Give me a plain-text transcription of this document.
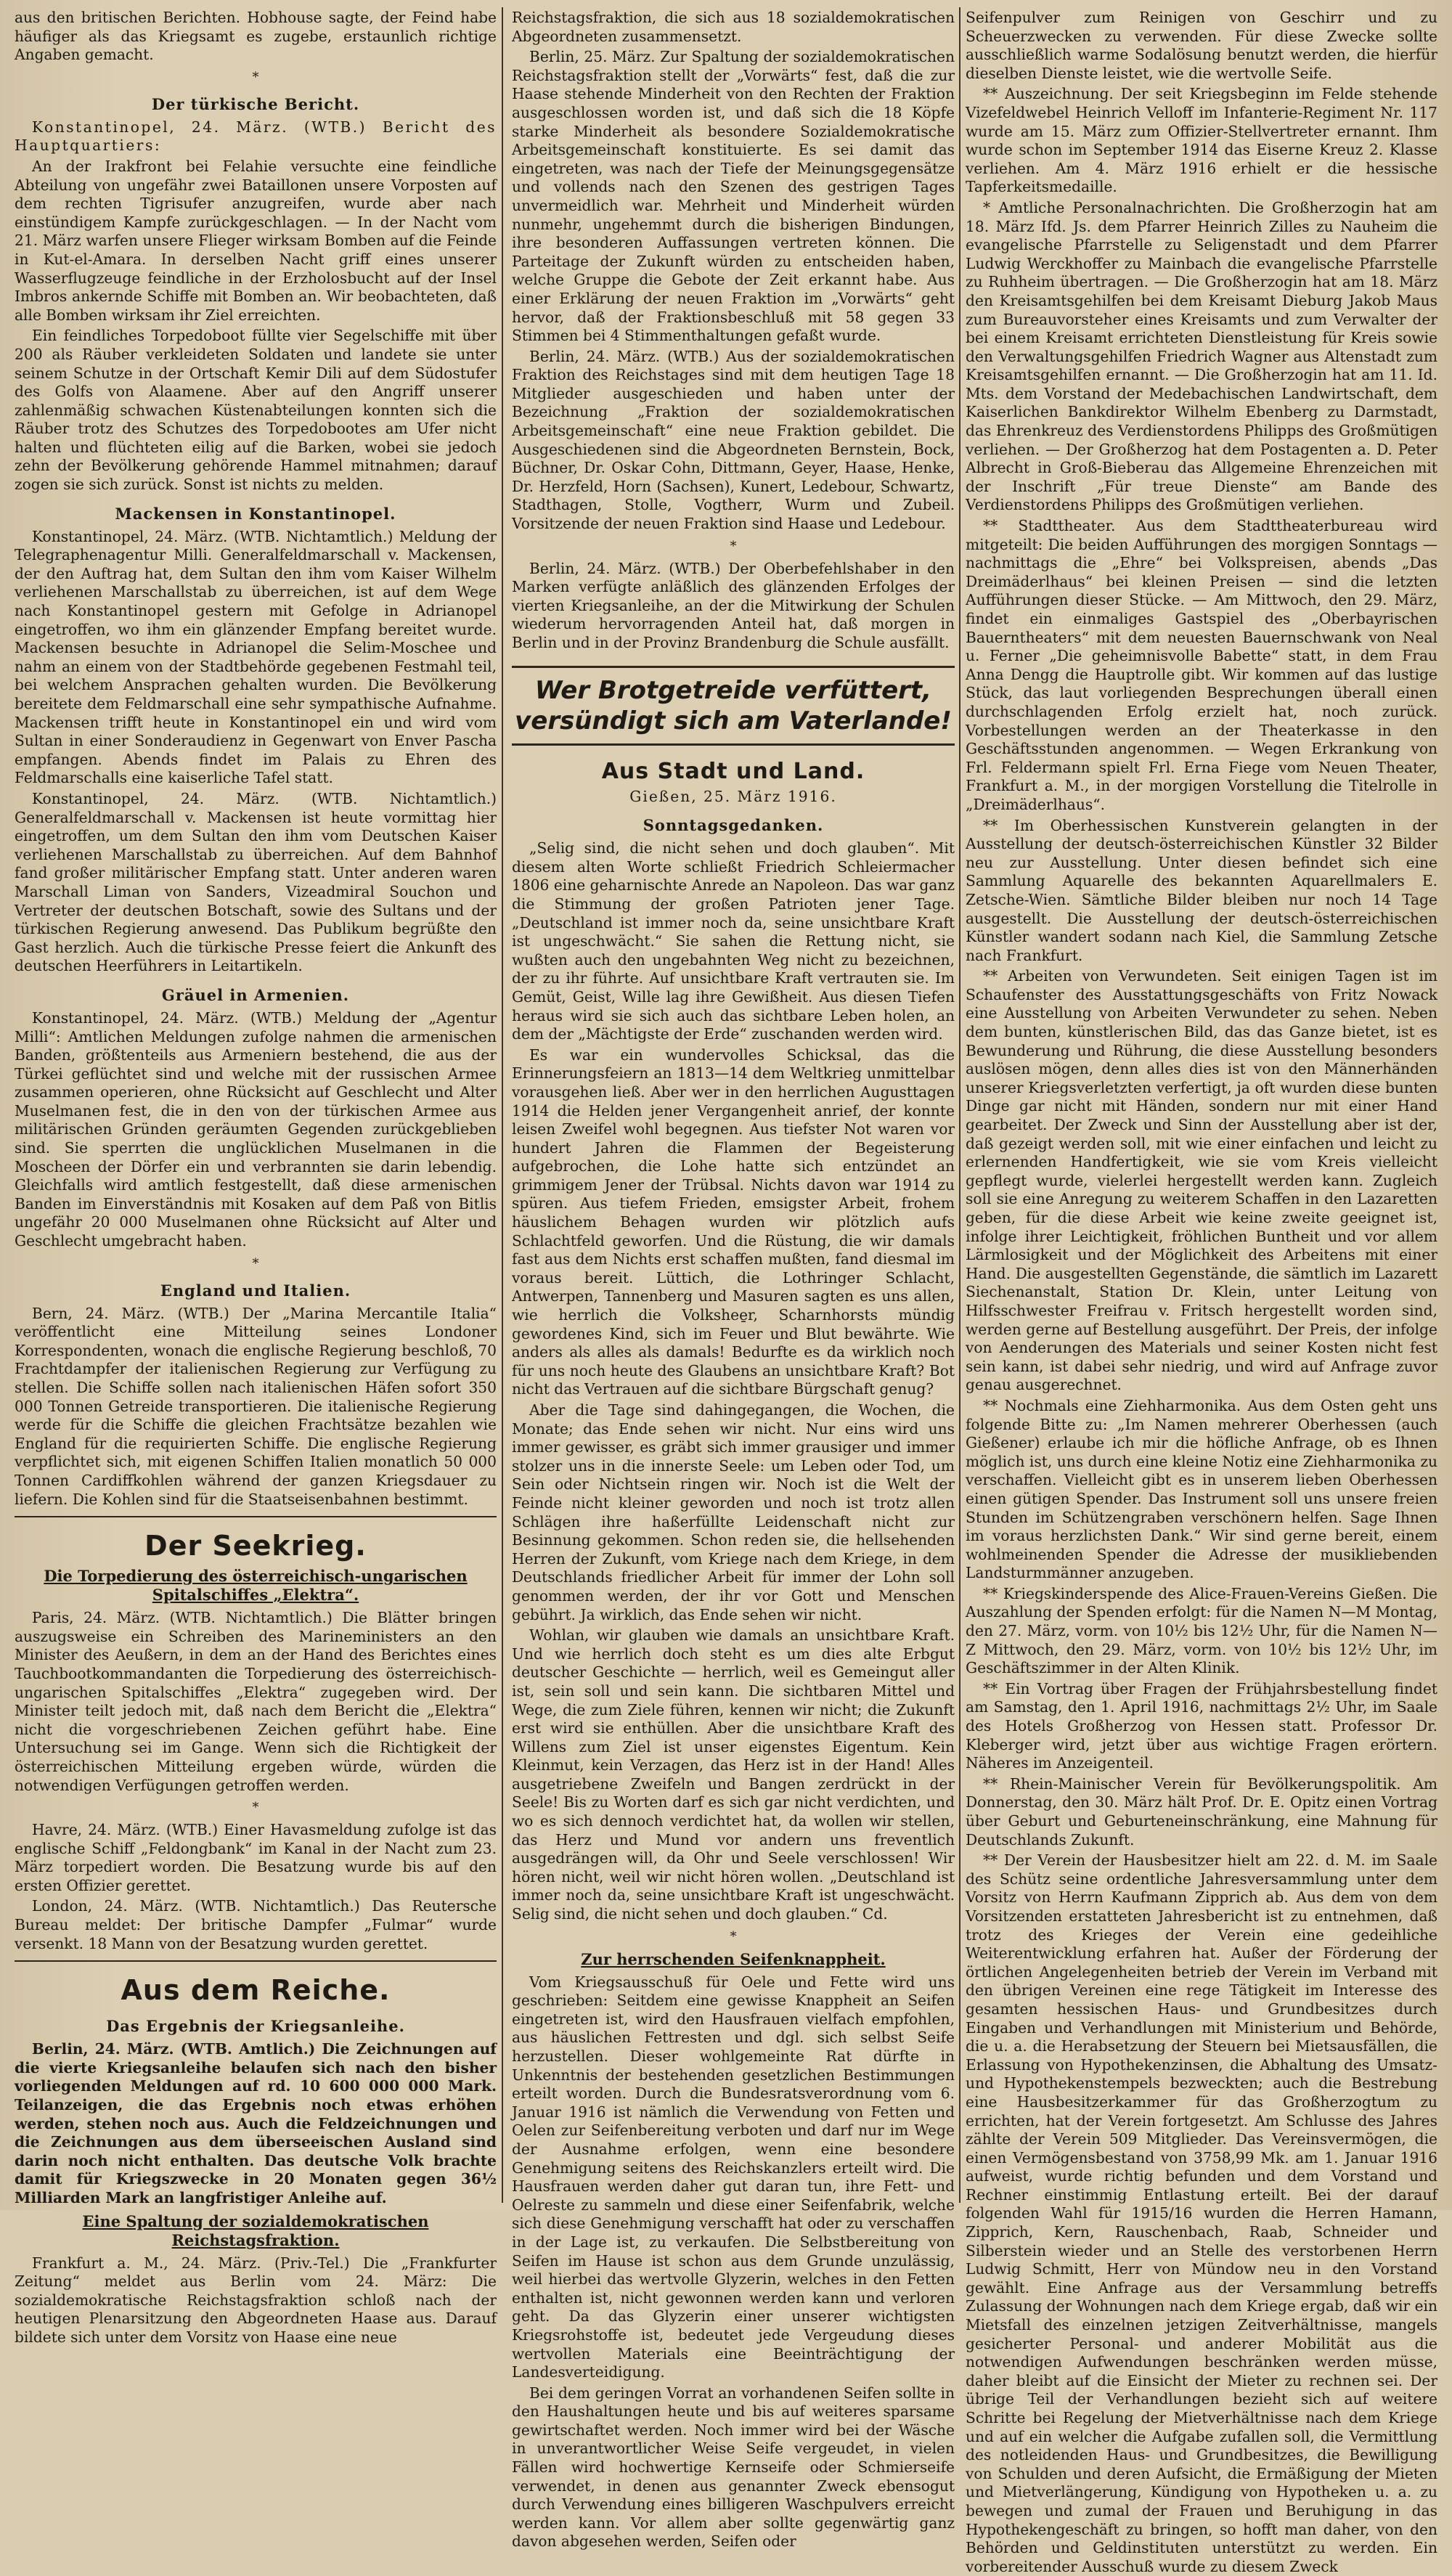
aus den britischen Berichten. Hobhouse sagte, der Feind habe häufiger als das Kriegsamt es zugebe, erstaunlich richtige Angaben gemacht.

*
Der türkische Bericht.

Konstantinopel, 24. März. (WTB.) Bericht des Hauptquartiers:

An der Irakfront bei Felahie versuchte eine feindliche Abteilung von ungefähr zwei Bataillonen unsere Vorposten auf dem rechten Tigrisufer anzugreifen, wurde aber nach einstündigem Kampfe zurückgeschlagen. — In der Nacht vom 21. März warfen unsere Flieger wirksam Bomben auf die Feinde in Kut-el-Amara. In derselben Nacht griff eines unserer Wasserflugzeuge feindliche in der Erzholosbucht auf der Insel Imbros ankernde Schiffe mit Bomben an. Wir beobachteten, daß alle Bomben wirksam ihr Ziel erreichten.

Ein feindliches Torpedoboot füllte vier Segelschiffe mit über 200 als Räuber verkleideten Soldaten und landete sie unter seinem Schutze in der Ortschaft Kemir Dili auf dem Südostufer des Golfs von Alaamene. Aber auf den Angriff unserer zahlenmäßig schwachen Küstenabteilungen konnten sich die Räuber trotz des Schutzes des Torpedobootes am Ufer nicht halten und flüchteten eilig auf die Barken, wobei sie jedoch zehn der Bevölkerung gehörende Hammel mitnahmen; darauf zogen sie sich zurück. Sonst ist nichts zu melden.

Mackensen in Konstantinopel.

Konstantinopel, 24. März. (WTB. Nichtamtlich.) Meldung der Telegraphenagentur Milli. Generalfeldmarschall v. Mackensen, der den Auftrag hat, dem Sultan den ihm vom Kaiser Wilhelm verliehenen Marschallstab zu überreichen, ist auf dem Wege nach Konstantinopel gestern mit Gefolge in Adrianopel eingetroffen, wo ihm ein glänzender Empfang bereitet wurde. Mackensen besuchte in Adrianopel die Selim-Moschee und nahm an einem von der Stadtbehörde gegebenen Festmahl teil, bei welchem Ansprachen gehalten wurden. Die Bevölkerung bereitete dem Feldmarschall eine sehr sympathische Aufnahme. Mackensen trifft heute in Konstantinopel ein und wird vom Sultan in einer Sonderaudienz in Gegenwart von Enver Pascha empfangen. Abends findet im Palais zu Ehren des Feldmarschalls eine kaiserliche Tafel statt.

Konstantinopel, 24. März. (WTB. Nichtamtlich.) Generalfeldmarschall v. Mackensen ist heute vormittag hier eingetroffen, um dem Sultan den ihm vom Deutschen Kaiser verliehenen Marschallstab zu überreichen. Auf dem Bahnhof fand großer militärischer Empfang statt. Unter anderen waren Marschall Liman von Sanders, Vizeadmiral Souchon und Vertreter der deutschen Botschaft, sowie des Sultans und der türkischen Regierung anwesend. Das Publikum begrüßte den Gast herzlich. Auch die türkische Presse feiert die Ankunft des deutschen Heerführers in Leitartikeln.

Gräuel in Armenien.

Konstantinopel, 24. März. (WTB.) Meldung der „Agentur Milli“: Amtlichen Meldungen zufolge nahmen die armenischen Banden, größtenteils aus Armeniern bestehend, die aus der Türkei geflüchtet sind und welche mit der russischen Armee zusammen operieren, ohne Rücksicht auf Geschlecht und Alter Muselmanen fest, die in den von der türkischen Armee aus militärischen Gründen geräumten Gegenden zurückgeblieben sind. Sie sperrten die unglücklichen Muselmanen in die Moscheen der Dörfer ein und verbrannten sie darin lebendig. Gleichfalls wird amtlich festgestellt, daß diese armenischen Banden im Einverständnis mit Kosaken auf dem Paß von Bitlis ungefähr 20 000 Muselmanen ohne Rücksicht auf Alter und Geschlecht umgebracht haben.

*
England und Italien.

Bern, 24. März. (WTB.) Der „Marina Mercantile Italia“ veröffentlicht eine Mitteilung seines Londoner Korrespondenten, wonach die englische Regierung beschloß, 70 Frachtdampfer der italienischen Regierung zur Verfügung zu stellen. Die Schiffe sollen nach italienischen Häfen sofort 350 000 Tonnen Getreide transportieren. Die italienische Regierung werde für die Schiffe die gleichen Frachtsätze bezahlen wie England für die requirierten Schiffe. Die englische Regierung verpflichtet sich, mit eigenen Schiffen Italien monatlich 50 000 Tonnen Cardiffkohlen während der ganzen Kriegsdauer zu liefern. Die Kohlen sind für die Staatseisenbahnen bestimmt.

Der Seekrieg.
Die Torpedierung des österreichisch-ungarischen Spitalschiffes „Elektra“.

Paris, 24. März. (WTB. Nichtamtlich.) Die Blätter bringen auszugsweise ein Schreiben des Marineministers an den Minister des Aeußern, in dem an der Hand des Berichtes eines Tauchbootkommandanten die Torpedierung des österreichisch-ungarischen Spitalschiffes „Elektra“ zugegeben wird. Der Minister teilt jedoch mit, daß nach dem Bericht die „Elektra“ nicht die vorgeschriebenen Zeichen geführt habe. Eine Untersuchung sei im Gange. Wenn sich die Richtigkeit der österreichischen Mitteilung ergeben würde, würden die notwendigen Verfügungen getroffen werden.

*

Havre, 24. März. (WTB.) Einer Havasmeldung zufolge ist das englische Schiff „Feldongbank“ im Kanal in der Nacht zum 23. März torpediert worden. Die Besatzung wurde bis auf den ersten Offizier gerettet.

London, 24. März. (WTB. Nichtamtlich.) Das Reutersche Bureau meldet: Der britische Dampfer „Fulmar“ wurde versenkt. 18 Mann von der Besatzung wurden gerettet.

Aus dem Reiche.
Das Ergebnis der Kriegsanleihe.

Berlin, 24. März. (WTB. Amtlich.) Die Zeichnungen auf die vierte Kriegsanleihe belaufen sich nach den bisher vorliegenden Meldungen auf rd. 10 600 000 000 Mark. Teilanzeigen, die das Ergebnis noch etwas erhöhen werden, stehen noch aus. Auch die Feldzeichnungen und die Zeichnungen aus dem überseeischen Ausland sind darin noch nicht enthalten. Das deutsche Volk brachte damit für Kriegszwecke in 20 Monaten gegen 36½ Milliarden Mark an langfristiger Anleihe auf.

Eine Spaltung der sozialdemokratischen Reichstagsfraktion.

Frankfurt a. M., 24. März. (Priv.-Tel.) Die „Frankfurter Zeitung“ meldet aus Berlin vom 24. März: Die sozialdemokratische Reichstagsfraktion schloß nach der heutigen Plenarsitzung den Abgeordneten Haase aus. Darauf bildete sich unter dem Vorsitz von Haase eine neue

Reichstagsfraktion, die sich aus 18 sozialdemokratischen Abgeordneten zusammensetzt.

Berlin, 25. März. Zur Spaltung der sozialdemokratischen Reichstagsfraktion stellt der „Vorwärts“ fest, daß die zur Haase stehende Minderheit von den Rechten der Fraktion ausgeschlossen worden ist, und daß sich die 18 Köpfe starke Minderheit als besondere Sozialdemokratische Arbeitsgemeinschaft konstituierte. Es sei damit das eingetreten, was nach der Tiefe der Meinungsgegensätze und vollends nach den Szenen des gestrigen Tages unvermeidlich war. Mehrheit und Minderheit würden nunmehr, ungehemmt durch die bisherigen Bindungen, ihre besonderen Auffassungen vertreten können. Die Parteitage der Zukunft würden zu entscheiden haben, welche Gruppe die Gebote der Zeit erkannt habe. Aus einer Erklärung der neuen Fraktion im „Vorwärts“ geht hervor, daß der Fraktionsbeschluß mit 58 gegen 33 Stimmen bei 4 Stimmenthaltungen gefaßt wurde.

Berlin, 24. März. (WTB.) Aus der sozialdemokratischen Fraktion des Reichstages sind mit dem heutigen Tage 18 Mitglieder ausgeschieden und haben unter der Bezeichnung „Fraktion der sozialdemokratischen Arbeitsgemeinschaft“ eine neue Fraktion gebildet. Die Ausgeschiedenen sind die Abgeordneten Bernstein, Bock, Büchner, Dr. Oskar Cohn, Dittmann, Geyer, Haase, Henke, Dr. Herzfeld, Horn (Sachsen), Kunert, Ledebour, Schwartz, Stadthagen, Stolle, Vogtherr, Wurm und Zubeil. Vorsitzende der neuen Fraktion sind Haase und Ledebour.

*

Berlin, 24. März. (WTB.) Der Oberbefehlshaber in den Marken verfügte anläßlich des glänzenden Erfolges der vierten Kriegsanleihe, an der die Mitwirkung der Schulen wiederum hervorragenden Anteil hat, daß morgen in Berlin und in der Provinz Brandenburg die Schule ausfällt.

Wer Brotgetreide verfüttert, versündigt sich am Vaterlande!
Aus Stadt und Land.
Gießen, 25. März 1916.
Sonntagsgedanken.

„Selig sind, die nicht sehen und doch glauben“. Mit diesem alten Worte schließt Friedrich Schleiermacher 1806 eine geharnischte Anrede an Napoleon. Das war ganz die Stimmung der großen Patrioten jener Tage. „Deutschland ist immer noch da, seine unsichtbare Kraft ist ungeschwächt.“ Sie sahen die Rettung nicht, sie wußten auch den ungebahnten Weg nicht zu bezeichnen, der zu ihr führte. Auf unsichtbare Kraft vertrauten sie. Im Gemüt, Geist, Wille lag ihre Gewißheit. Aus diesen Tiefen heraus wird sie sich auch das sichtbare Leben holen, an dem der „Mächtigste der Erde“ zuschanden werden wird.

Es war ein wundervolles Schicksal, das die Erinnerungsfeiern an 1813—14 dem Weltkrieg unmittelbar vorausgehen ließ. Aber wer in den herrlichen Augusttagen 1914 die Helden jener Vergangenheit anrief, der konnte leisen Zweifel wohl begegnen. Aus tiefster Not waren vor hundert Jahren die Flammen der Begeisterung aufgebrochen, die Lohe hatte sich entzündet an grimmigem Jener der Trübsal. Nichts davon war 1914 zu spüren. Aus tiefem Frieden, emsigster Arbeit, frohem häuslichem Behagen wurden wir plötzlich aufs Schlachtfeld geworfen. Und die Rüstung, die wir damals fast aus dem Nichts erst schaffen mußten, fand diesmal im voraus bereit. Lüttich, die Lothringer Schlacht, Antwerpen, Tannenberg und Masuren sagten es uns allen, wie herrlich die Volkshee̱r, Scharnhorsts mündig gewordenes Kind, sich im Feuer und Blut bewährte. Wie anders als alles als damals! Bedurfte es da wirklich noch für uns noch heute des Glaubens an unsichtbare Kraft? Bot nicht das Vertrauen auf die sichtbare Bürgschaft genug?

Aber die Tage sind dahingegangen, die Wochen, die Monate; das Ende sehen wir nicht. Nur eins wird uns immer gewisser, es gräbt sich immer grausiger und immer stolzer uns in die innerste Seele: um Leben oder Tod, um Sein oder Nichtsein ringen wir. Noch ist die Welt der Feinde nicht kleiner geworden und noch ist trotz allen Schlägen ihre haßerfüllte Leidenschaft nicht zur Besinnung gekommen. Schon reden sie, die hellsehenden Herren der Zukunft, vom Kriege nach dem Kriege, in dem Deutschlands friedlicher Arbeit für immer der Lohn soll genommen werden, der ihr vor Gott und Menschen gebührt. Ja wirklich, das Ende sehen wir nicht.

Wohlan, wir glauben wie damals an unsichtbare Kraft. Und wie herrlich doch steht es um dies alte Erbgut deutscher Geschichte — herrlich, weil es Gemeingut aller ist, sein soll und sein kann. Die sichtbaren Mittel und Wege, die zum Ziele führen, kennen wir nicht; die Zukunft erst wird sie enthüllen. Aber die unsichtbare Kraft des Willens zum Ziel ist unser eigenstes Eigentum. Kein Kleinmut, kein Verzagen, das Herz ist in der Hand! Alles ausgetriebene Zweifeln und Bangen zerdrückt in der Seele! Bis zu Worten darf es sich gar nicht verdichten, und wo es sich dennoch verdichtet hat, da wollen wir stellen, das Herz und Mund vor andern uns freventlich ausgedrängen will, da Ohr und Seele verschlossen! Wir hören nicht, weil wir nicht hören wollen. „Deutschland ist immer noch da, seine unsichtbare Kraft ist ungeschwächt. Selig sind, die nicht sehen und doch glauben.“ Cd.

*
Zur herrschenden Seifenknappheit.

Vom Kriegsausschuß für Oele und Fette wird uns geschrieben: Seitdem eine gewisse Knappheit an Seifen eingetreten ist, wird den Hausfrauen vielfach empfohlen, aus häuslichen Fettresten und dgl. sich selbst Seife herzustellen. Dieser wohlgemeinte Rat dürfte in Unkenntnis der bestehenden gesetzlichen Bestimmungen erteilt worden. Durch die Bundesratsverordnung vom 6. Januar 1916 ist nämlich die Verwendung von Fetten und Oelen zur Seifenbereitung verboten und darf nur im Wege der Ausnahme erfolgen, wenn eine besondere Genehmigung seitens des Reichskanzlers erteilt wird. Die Hausfrauen werden daher gut daran tun, ihre Fett- und Oelreste zu sammeln und diese einer Seifenfabrik, welche sich diese Genehmigung verschafft hat oder zu verschaffen in der Lage ist, zu verkaufen. Die Selbstbereitung von Seifen im Hause ist schon aus dem Grunde unzulässig, weil hierbei das wertvolle Glyzerin, welches in den Fetten enthalten ist, nicht gewonnen werden kann und verloren geht. Da das Glyzerin einer unserer wichtigsten Kriegsrohstoffe ist, bedeutet jede Vergeudung dieses wertvollen Materials eine Beeinträchtigung der Landesverteidigung.

Bei dem geringen Vorrat an vorhandenen Seifen sollte in den Haushaltungen heute und bis auf weiteres sparsame gewirtschaftet werden. Noch immer wird bei der Wäsche in unverantwortlicher Weise Seife vergeudet, in vielen Fällen wird hochwertige Kernseife oder Schmierseife verwendet, in denen aus genannter Zweck ebensogut durch Verwendung eines billigeren Waschpulvers erreicht werden kann. Vor allem aber sollte gegenwärtig ganz davon abgesehen werden, Seifen oder

Seifenpulver zum Reinigen von Geschirr und zu Scheuerzwecken zu verwenden. Für diese Zwecke sollte ausschließlich warme Sodalösung benutzt werden, die hierfür dieselben Dienste leistet, wie die wertvolle Seife.

** Auszeichnung. Der seit Kriegsbeginn im Felde stehende Vizefeldwebel Heinrich Velloff im Infanterie-Regiment Nr. 117 wurde am 15. März zum Offizier-Stellvertreter ernannt. Ihm wurde schon im September 1914 das Eiserne Kreuz 2. Klasse verliehen. Am 4. März 1916 erhielt er die hessische Tapferkeitsmedaille.

* Amtliche Personalnachrichten. Die Großherzogin hat am 18. März Ifd. Js. dem Pfarrer Heinrich Zilles zu Nauheim die evangelische Pfarrstelle zu Seligenstadt und dem Pfarrer Ludwig Werckhoffer zu Mainbach die evangelische Pfarrstelle zu Ruhheim übertragen. — Die Großherzogin hat am 18. März den Kreisamtsgehilfen bei dem Kreisamt Dieburg Jakob Maus zum Bureauvorsteher eines Kreisamts und zum Verwalter der bei einem Kreisamt errichteten Dienstleistung für Kreis sowie den Verwaltungsgehilfen Friedrich Wagner aus Altenstadt zum Kreisamtsgehilfen ernannt. — Die Großherzogin hat am 11. Id. Mts. dem Vorstand der Medebachischen Landwirtschaft, dem Kaiserlichen Bankdirektor Wilhelm Ebenberg zu Darmstadt, das Ehrenkreuz des Verdienstordens Philipps des Großmütigen verliehen. — Der Großherzog hat dem Postagenten a. D. Peter Albrecht in Groß-Bieberau das Allgemeine Ehrenzeichen mit der Inschrift „Für treue Dienste“ am Bande des Verdienstordens Philipps des Großmütigen verliehen.

** Stadttheater. Aus dem Stadttheaterbureau wird mitgeteilt: Die beiden Aufführungen des morgigen Sonntags — nachmittags die „Ehre“ bei Volkspreisen, abends „Das Dreimäderlhaus“ bei kleinen Preisen — sind die letzten Aufführungen dieser Stücke. — Am Mittwoch, den 29. März, findet ein einmaliges Gastspiel des „Oberbayrischen Bauerntheaters“ mit dem neuesten Bauernschwank von Neal u. Ferner „Die geheimnisvolle Babette“ statt, in dem Frau Anna Dengg die Hauptrolle gibt. Wir kommen auf das lustige Stück, das laut vorliegenden Besprechungen überall einen durchschlagenden Erfolg erzielt hat, noch zurück. Vorbestellungen werden an der Theaterkasse in den Geschäftsstunden angenommen. — Wegen Erkrankung von Frl. Feldermann spielt Frl. Erna Fiege vom Neuen Theater, Frankfurt a. M., in der morgigen Vorstellung die Titelrolle in „Dreimäderlhaus“.

** Im Oberhessischen Kunstverein gelangten in der Ausstellung der deutsch-österreichischen Künstler 32 Bilder neu zur Ausstellung. Unter diesen befindet sich eine Sammlung Aquarelle des bekannten Aquarellmalers E. Zetsche-Wien. Sämtliche Bilder bleiben nur noch 14 Tage ausgestellt. Die Ausstellung der deutsch-österreichischen Künstler wandert sodann nach Kiel, die Sammlung Zetsche nach Frankfurt.

** Arbeiten von Verwundeten. Seit einigen Tagen ist im Schaufenster des Ausstattungsgeschäfts von Fritz Nowack eine Ausstellung von Arbeiten Verwundeter zu sehen. Neben dem bunten, künstlerischen Bild, das das Ganze bietet, ist es Bewunderung und Rührung, die diese Ausstellung besonders auslösen mögen, denn alles dies ist von den Männerhänden unserer Kriegsverletzten verfertigt, ja oft wurden diese bunten Dinge gar nicht mit Händen, sondern nur mit einer Hand gearbeitet. Der Zweck und Sinn der Ausstellung aber ist der, daß gezeigt werden soll, mit wie einer einfachen und leicht zu erlernenden Handfertigkeit, wie sie vom Kreis vielleicht gepflegt wurde, vielerlei hergestellt werden kann. Zugleich soll sie eine Anregung zu weiterem Schaffen in den Lazaretten geben, für die diese Arbeit wie keine zweite geeignet ist, infolge ihrer Leichtigkeit, fröhlichen Buntheit und vor allem Lärmlosigkeit und der Möglichkeit des Arbeitens mit einer Hand. Die ausgestellten Gegenstände, die sämtlich im Lazarett Siechenanstalt, Station Dr. Klein, unter Leitung von Hilfsschwester Freifrau v. Fritsch hergestellt worden sind, werden gerne auf Bestellung ausgeführt. Der Preis, der infolge von Aenderungen des Materials und seiner Kosten nicht fest sein kann, ist dabei sehr niedrig, und wird auf Anfrage zuvor genau ausgerechnet.

** Nochmals eine Ziehharmonika. Aus dem Osten geht uns folgende Bitte zu: „Im Namen mehrerer Oberhessen (auch Gießener) erlaube ich mir die höfliche Anfrage, ob es Ihnen möglich ist, uns durch eine kleine Notiz eine Ziehharmonika zu verschaffen. Vielleicht gibt es in unserem lieben Oberhessen einen gütigen Spender. Das Instrument soll uns unsere freien Stunden im Schützengraben verschönern helfen. Sage Ihnen im voraus herzlichsten Dank.“ Wir sind gerne bereit, einem wohlmeinenden Spender die Adresse der musikliebenden Landsturmmänner anzugeben.

** Kriegskinderspende des Alice-Frauen-Vereins Gießen. Die Auszahlung der Spenden erfolgt: für die Namen N—M Montag, den 27. März, vorm. von 10½ bis 12½ Uhr, für die Namen N—Z Mittwoch, den 29. März, vorm. von 10½ bis 12½ Uhr, im Geschäftszimmer in der Alten Klinik.

** Ein Vortrag über Fragen der Frühjahrsbestellung findet am Samstag, den 1. April 1916, nachmittags 2½ Uhr, im Saale des Hotels Großherzog von Hessen statt. Professor Dr. Kleberger wird, jetzt über aus wichtige Fragen erörtern. Näheres im Anzeigenteil.

** Rhein-Mainischer Verein für Bevölkerungspolitik. Am Donnerstag, den 30. März hält Prof. Dr. E. Opitz einen Vortrag über Geburt und Geburteneinschränkung, eine Mahnung für Deutschlands Zukunft.

** Der Verein der Hausbesitzer hielt am 22. d. M. im Saale des Schütz seine ordentliche Jahresversammlung unter dem Vorsitz von Herrn Kaufmann Zipprich ab. Aus dem von dem Vorsitzenden erstatteten Jahresbericht ist zu entnehmen, daß trotz des Krieges der Verein eine gedeihliche Weiterentwicklung erfahren hat. Außer der Förderung der örtlichen Angelegenheiten betrieb der Verein im Verband mit den übrigen Vereinen eine rege Tätigkeit im Interesse des gesamten hessischen Haus- und Grundbesitzes durch Eingaben und Verhandlungen mit Ministerium und Behörde, die u. a. die Herabsetzung der Steuern bei Mietsausfällen, die Erlassung von Hypothekenzinsen, die Abhaltung des Umsatz- und Hypothekenstempels bezweckten; auch die Bestrebung eine Hausbesitzerkammer für das Großherzogtum zu errichten, hat der Verein fortgesetzt. Am Schlusse des Jahres zählte der Verein 509 Mitglieder. Das Vereinsvermögen, die einen Vermögensbestand von 3758,99 Mk. am 1. Januar 1916 aufweist, wurde richtig befunden und dem Vorstand und Rechner einstimmig Entlastung erteilt. Bei der darauf folgenden Wahl für 1915/16 wurden die Herren Hamann, Zipprich, Kern, Rauschenbach, Raab, Schneider und Silberstein wieder und an Stelle des verstorbenen Herrn Ludwig Schmitt, Herr von Mündow neu in den Vorstand gewählt. Eine Anfrage aus der Versammlung betreffs Zulassung der Wohnungen nach dem Kriege ergab, daß wir ein Mietsfall des einzelnen jetzigen Zeitverhältnisse, mangels gesicherter Personal- und anderer Mobilität aus die notwendigen Aufwendungen beschränken werden müsse, daher bleibt auf die Einsicht der Mieter zu rechnen sei. Der übrige Teil der Verhandlungen bezieht sich auf weitere Schritte bei Regelung der Mietverhältnisse nach dem Kriege und auf ein welcher die Aufgabe zufallen soll, die Vermittlung des notleidenden Haus- und Grundbesitzes, die Bewilligung von Schulden und deren Aufsicht, die Ermäßigung der Mieten und Mietverlängerung, Kündigung von Hypotheken u. a. zu bewegen und zumal der Frauen und Beruhigung in das Hypothekengeschäft zu bringen, so hofft man daher, von den Behörden und Geldinstituten unterstützt zu werden. Ein vorbereitender Ausschuß wurde zu diesem Zweck
